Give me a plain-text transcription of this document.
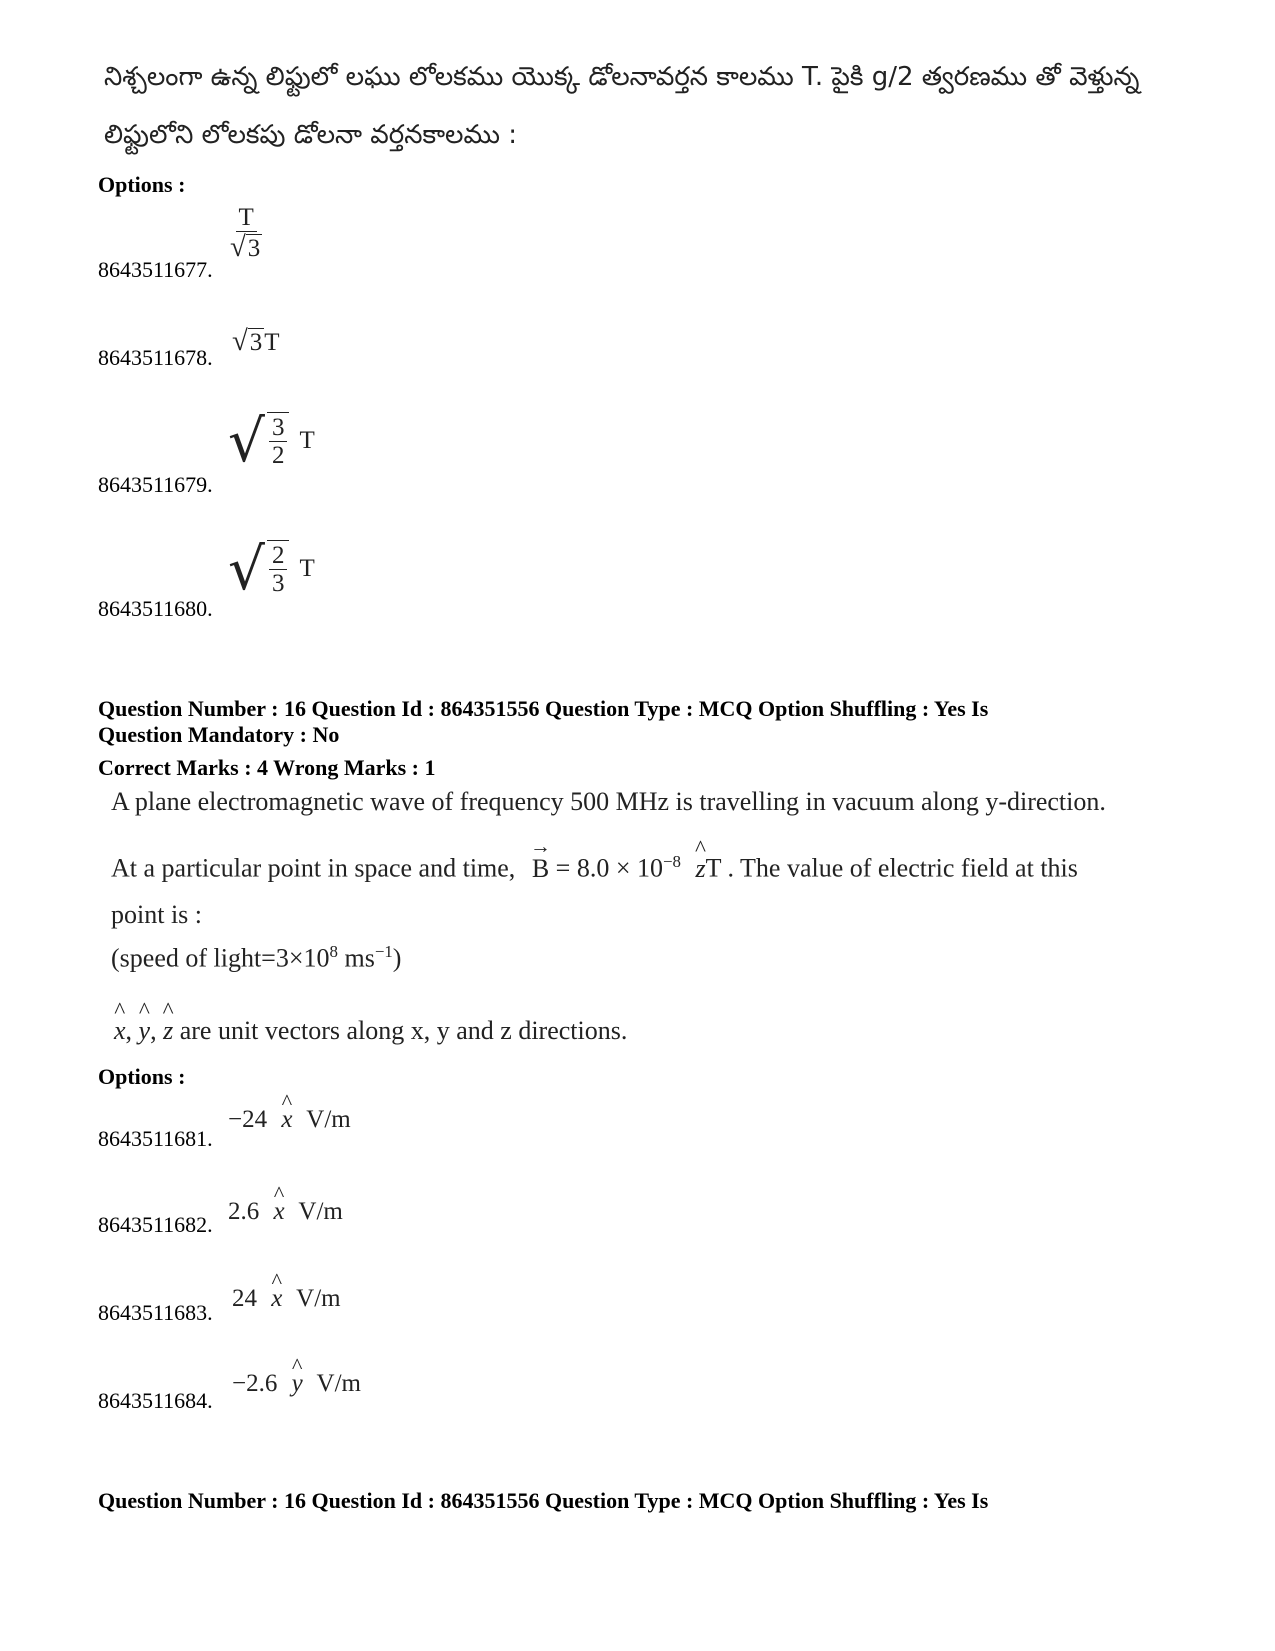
నిశ్చలంగా ఉన్న లిఫ్టులో లఘు లోలకము యొక్క డోలనావర్తన కాలము T. పైకి g/2 త్వరణము తో వెళ్తున్న
లిఫ్టులోని లోలకపు డోలనా వర్తనకాలము :
Options :
8643511677.
$\frac{T}{√3}$
8643511678.
√3T
8643511679.
√ $\frac{3}{2}$ T
8643511680.
√ $\frac{2}{3}$ T
Question Number : 16 Question Id : 864351556 Question Type : MCQ Option Shuffling : Yes Is
Question Mandatory : No
Correct Marks : 4 Wrong Marks : 1
A plane electromagnetic wave of frequency 500 MHz is travelling in vacuum along y-direction.
At a particular point in space and time, → $B = 8.0 \times 10^{-8}$ ^ zT . The value of electric field at this
point is :
(speed of $light=3\times 10^8$ $ms^{-1}$)
^ x, ^ y, ^ z are unit vectors along x, y and z directions.
Options :
8643511681.
−24 ^ x V/m
8643511682. 2.6 ^ x V/m
8643511683.
24 ^ x V/m
8643511684.
−2.6 ^ y V/m
Question Number : 16 Question Id : 864351556 Question Type : MCQ Option Shuffling : Yes Is
